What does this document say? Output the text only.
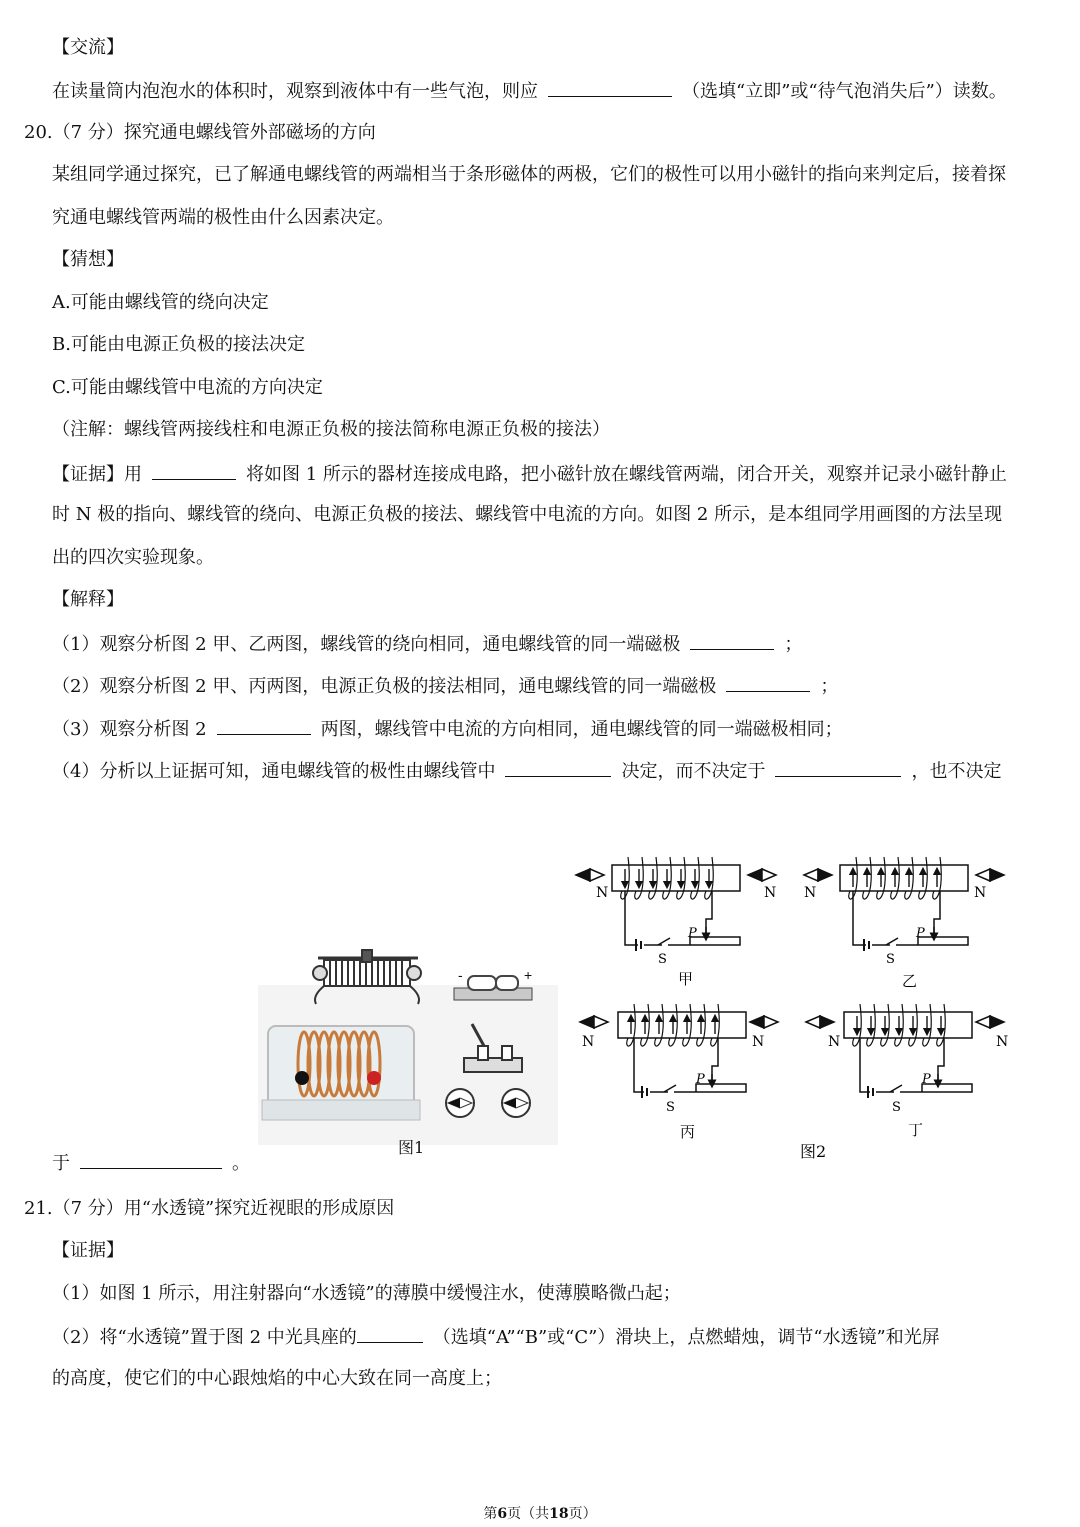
【交流】
在读量筒内泡泡水的体积时，观察到液体中有一些气泡，则应	（选填“立即”或“待气泡消失后”）读数。
20.（7 分）探究通电螺线管外部磁场的方向
某组同学通过探究，已了解通电螺线管的两端相当于条形磁体的两极，它们的极性可以用小磁针的指向来判定后，接着探
究通电螺线管两端的极性由什么因素决定。
【猜想】
A.可能由螺线管的绕向决定
B.可能由电源正负极的接法决定
C.可能由螺线管中电流的方向决定
（注解：螺线管两接线柱和电源正负极的接法简称电源正负极的接法）
【证据】用	将如图 1 所示的器材连接成电路，把小磁针放在螺线管两端，闭合开关，观察并记录小磁针静止
时 N 极的指向、螺线管的绕向、电源正负极的接法、螺线管中电流的方向。如图 2 所示，是本组同学用画图的方法呈现
出的四次实验现象。
【解释】
（1）观察分析图 2 甲、乙两图，螺线管的绕向相同，通电螺线管的同一端磁极	；
（2）观察分析图 2 甲、丙两图，电源正负极的接法相同，通电螺线管的同一端磁极	；
（3）观察分析图 2	两图，螺线管中电流的方向相同，通电螺线管的同一端磁极相同；
（4）分析以上证据可知，通电螺线管的极性由螺线管中	决定，而不决定于	，也不决定
于	。
21.（7 分）用“水透镜”探究近视眼的形成原因
【证据】
（1）如图 1 所示，用注射器向“水透镜”的薄膜中缓慢注水，使薄膜略微凸起；
（2）将“水透镜”置于图 2 中光具座的	（选填“A”“B”或“C”）滑块上，点燃蜡烛，调节“水透镜”和光屏
的高度，使它们的中心跟烛焰的中心大致在同一高度上；
-	+
图1
N	N
P
S
甲
N	N
P
S
乙
N	N
P
S
丙
N	N
P
S
丁
图2
第6页（共18页）
